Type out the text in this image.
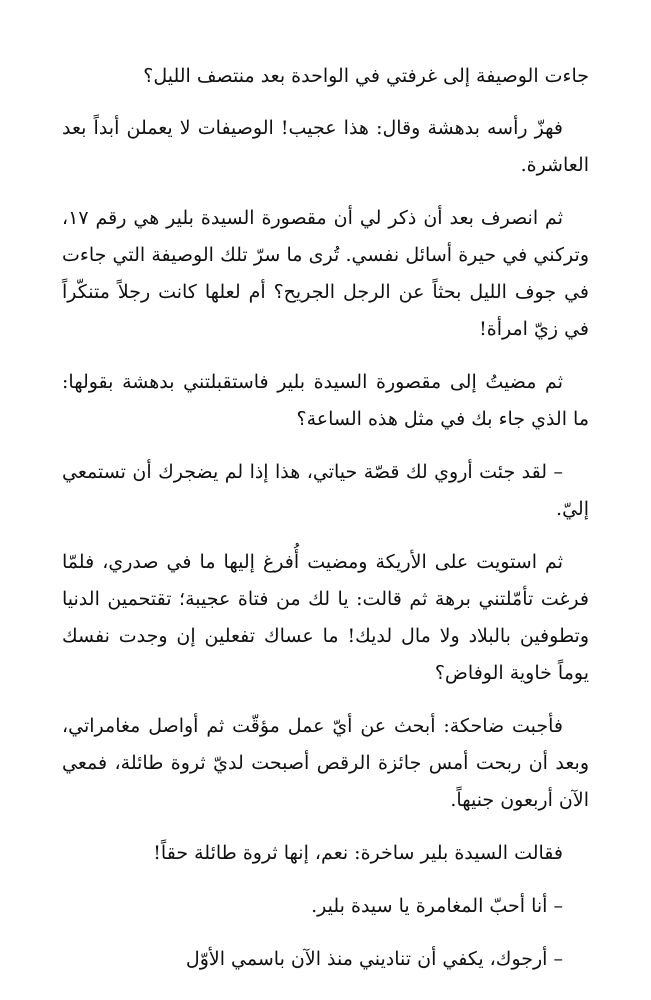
جاءت الوصيفة إلى غرفتي في الواحدة بعد منتصف الليل؟

فهزّ رأسه بدهشة وقال: هذا عجيب! الوصيفات لا يعملن أبداً بعد العاشرة.

ثم انصرف بعد أن ذكر لي أن مقصورة السيدة بلير هي رقم ١٧، وتركني في حيرة أسائل نفسي. تُرى ما سرّ تلك الوصيفة التي جاءت في جوف الليل بحثاً عن الرجل الجريح؟ أم لعلها كانت رجلاً متنكّراً في زيّ امرأة!

ثم مضيتُ إلى مقصورة السيدة بلير فاستقبلتني بدهشة بقولها: ما الذي جاء بك في مثل هذه الساعة؟

– لقد جئت أروي لك قصّة حياتي، هذا إذا لم يضجرك أن تستمعي إليّ.

ثم استويت على الأريكة ومضيت أُفرغ إليها ما في صدري، فلمّا فرغت تأمّلتني برهة ثم قالت: يا لك من فتاة عجيبة؛ تقتحمين الدنيا وتطوفين بالبلاد ولا مال لديك! ما عساك تفعلين إن وجدت نفسك يوماً خاوية الوفاض؟

فأجبت ضاحكة: أبحث عن أيّ عمل مؤقّت ثم أواصل مغامراتي، وبعد أن ربحت أمس جائزة الرقص أصبحت لديّ ثروة طائلة، فمعي الآن أربعون جنيهاً.

فقالت السيدة بلير ساخرة: نعم، إنها ثروة طائلة حقاً!

– أنا أحبّ المغامرة يا سيدة بلير.

– أرجوك، يكفي أن تناديني منذ الآن باسمي الأوّل
